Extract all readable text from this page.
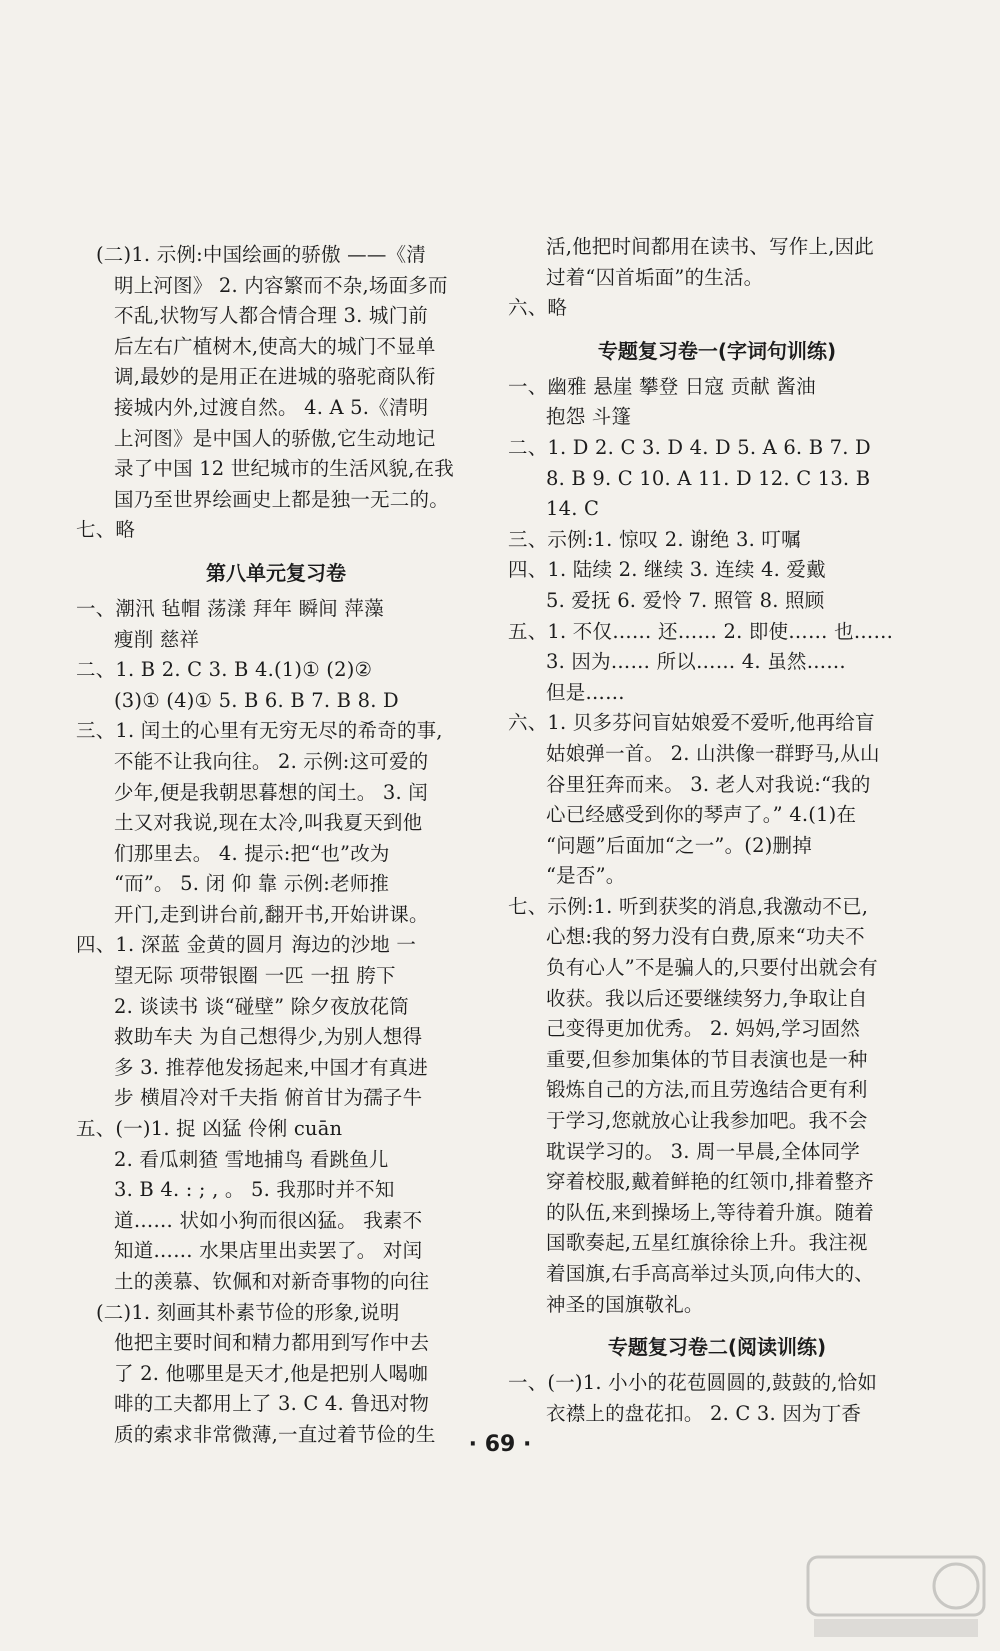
(二)1. 示例:中国绘画的骄傲 ——《清
明上河图》 2. 内容繁而不杂,场面多而
不乱,状物写人都合情合理 3. 城门前
后左右广植树木,使高大的城门不显单
调,最妙的是用正在进城的骆驼商队衔
接城内外,过渡自然。 4. A 5.《清明
上河图》是中国人的骄傲,它生动地记
录了中国 12 世纪城市的生活风貌,在我
国乃至世界绘画史上都是独一无二的。
七、略
第八单元复习卷
一、潮汛 毡帽 荡漾 拜年 瞬间 萍藻
瘦削 慈祥
二、1. B 2. C 3. B 4.(1)① (2)②
(3)① (4)① 5. B 6. B 7. B 8. D
三、1. 闰土的心里有无穷无尽的希奇的事,
不能不让我向往。 2. 示例:这可爱的
少年,便是我朝思暮想的闰土。 3. 闰
土又对我说,现在太冷,叫我夏天到他
们那里去。 4. 提示:把“也”改为
“而”。 5. 闭 仰 靠 示例:老师推
开门,走到讲台前,翻开书,开始讲课。
四、1. 深蓝 金黄的圆月 海边的沙地 一
望无际 项带银圈 一匹 一扭 胯下
2. 谈读书 谈“碰壁” 除夕夜放花筒
救助车夫 为自己想得少,为别人想得
多 3. 推荐他发扬起来,中国才有真进
步 横眉冷对千夫指 俯首甘为孺子牛
五、(一)1. 捉 凶猛 伶俐 cuān
2. 看瓜刺猹 雪地捕鸟 看跳鱼儿
3. B 4. : ; , 。 5. 我那时并不知
道…… 状如小狗而很凶猛。 我素不
知道…… 水果店里出卖罢了。 对闰
土的羡慕、钦佩和对新奇事物的向往
(二)1. 刻画其朴素节俭的形象,说明
他把主要时间和精力都用到写作中去
了 2. 他哪里是天才,他是把别人喝咖
啡的工夫都用上了 3. C 4. 鲁迅对物
质的索求非常微薄,一直过着节俭的生
活,他把时间都用在读书、写作上,因此
过着“囚首垢面”的生活。
六、略
专题复习卷一(字词句训练)
一、幽雅 悬崖 攀登 日寇 贡献 酱油
抱怨 斗篷
二、1. D 2. C 3. D 4. D 5. A 6. B 7. D
8. B 9. C 10. A 11. D 12. C 13. B
14. C
三、示例:1. 惊叹 2. 谢绝 3. 叮嘱
四、1. 陆续 2. 继续 3. 连续 4. 爱戴
5. 爱抚 6. 爱怜 7. 照管 8. 照顾
五、1. 不仅…… 还…… 2. 即使…… 也……
3. 因为…… 所以…… 4. 虽然……
但是……
六、1. 贝多芬问盲姑娘爱不爱听,他再给盲
姑娘弹一首。 2. 山洪像一群野马,从山
谷里狂奔而来。 3. 老人对我说:“我的
心已经感受到你的琴声了。” 4.(1)在
“问题”后面加“之一”。(2)删掉
“是否”。
七、示例:1. 听到获奖的消息,我激动不已,
心想:我的努力没有白费,原来“功夫不
负有心人”不是骗人的,只要付出就会有
收获。我以后还要继续努力,争取让自
己变得更加优秀。 2. 妈妈,学习固然
重要,但参加集体的节目表演也是一种
锻炼自己的方法,而且劳逸结合更有利
于学习,您就放心让我参加吧。我不会
耽误学习的。 3. 周一早晨,全体同学
穿着校服,戴着鲜艳的红领巾,排着整齐
的队伍,来到操场上,等待着升旗。随着
国歌奏起,五星红旗徐徐上升。我注视
着国旗,右手高高举过头顶,向伟大的、
神圣的国旗敬礼。
专题复习卷二(阅读训练)
一、(一)1. 小小的花苞圆圆的,鼓鼓的,恰如
衣襟上的盘花扣。 2. C 3. 因为丁香
· 69 ·
